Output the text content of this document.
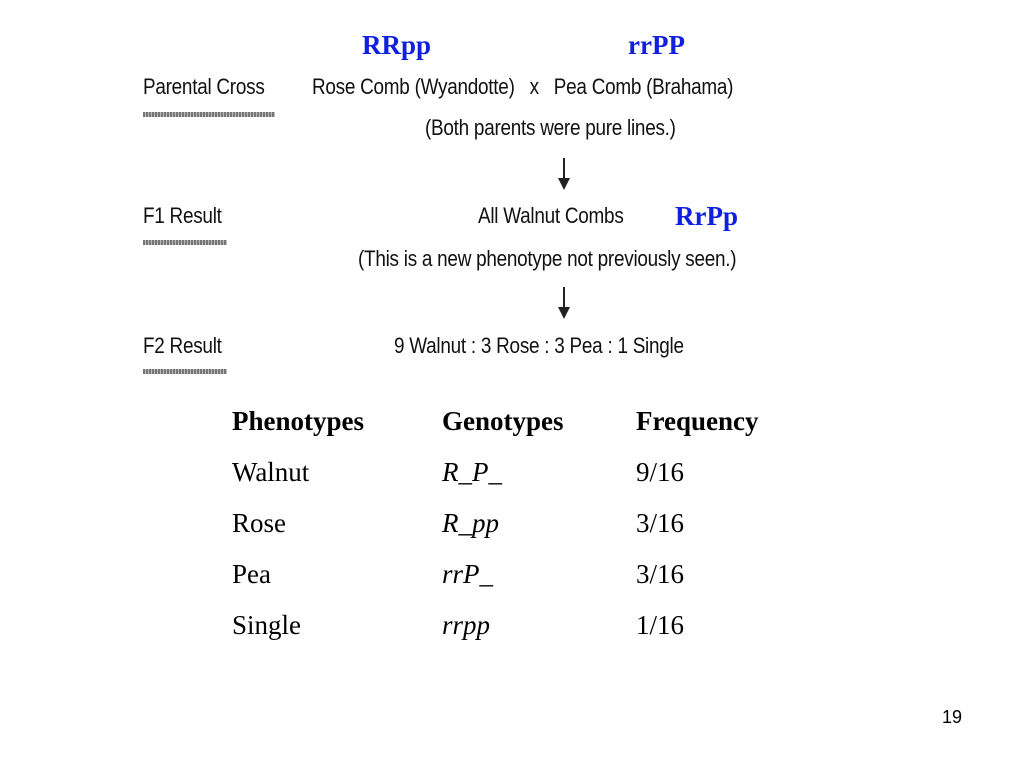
RRpp	rrPP
Parental Cross Rose Comb (Wyandotte)   x   Pea Comb (Brahama)
(Both parents were pure lines.)
F1 Result	All Walnut Combs
(This is a new phenotype not previously seen.)
F2 Result	9 Walnut : 3 Rose : 3 Pea : 1 Single
RrPp
Phenotypes	Genotypes	Frequency
Walnut	R_P_	9/16
Rose	R_pp	3/16
Pea	rrP_	3/16
Single	rrpp	1/16
19
